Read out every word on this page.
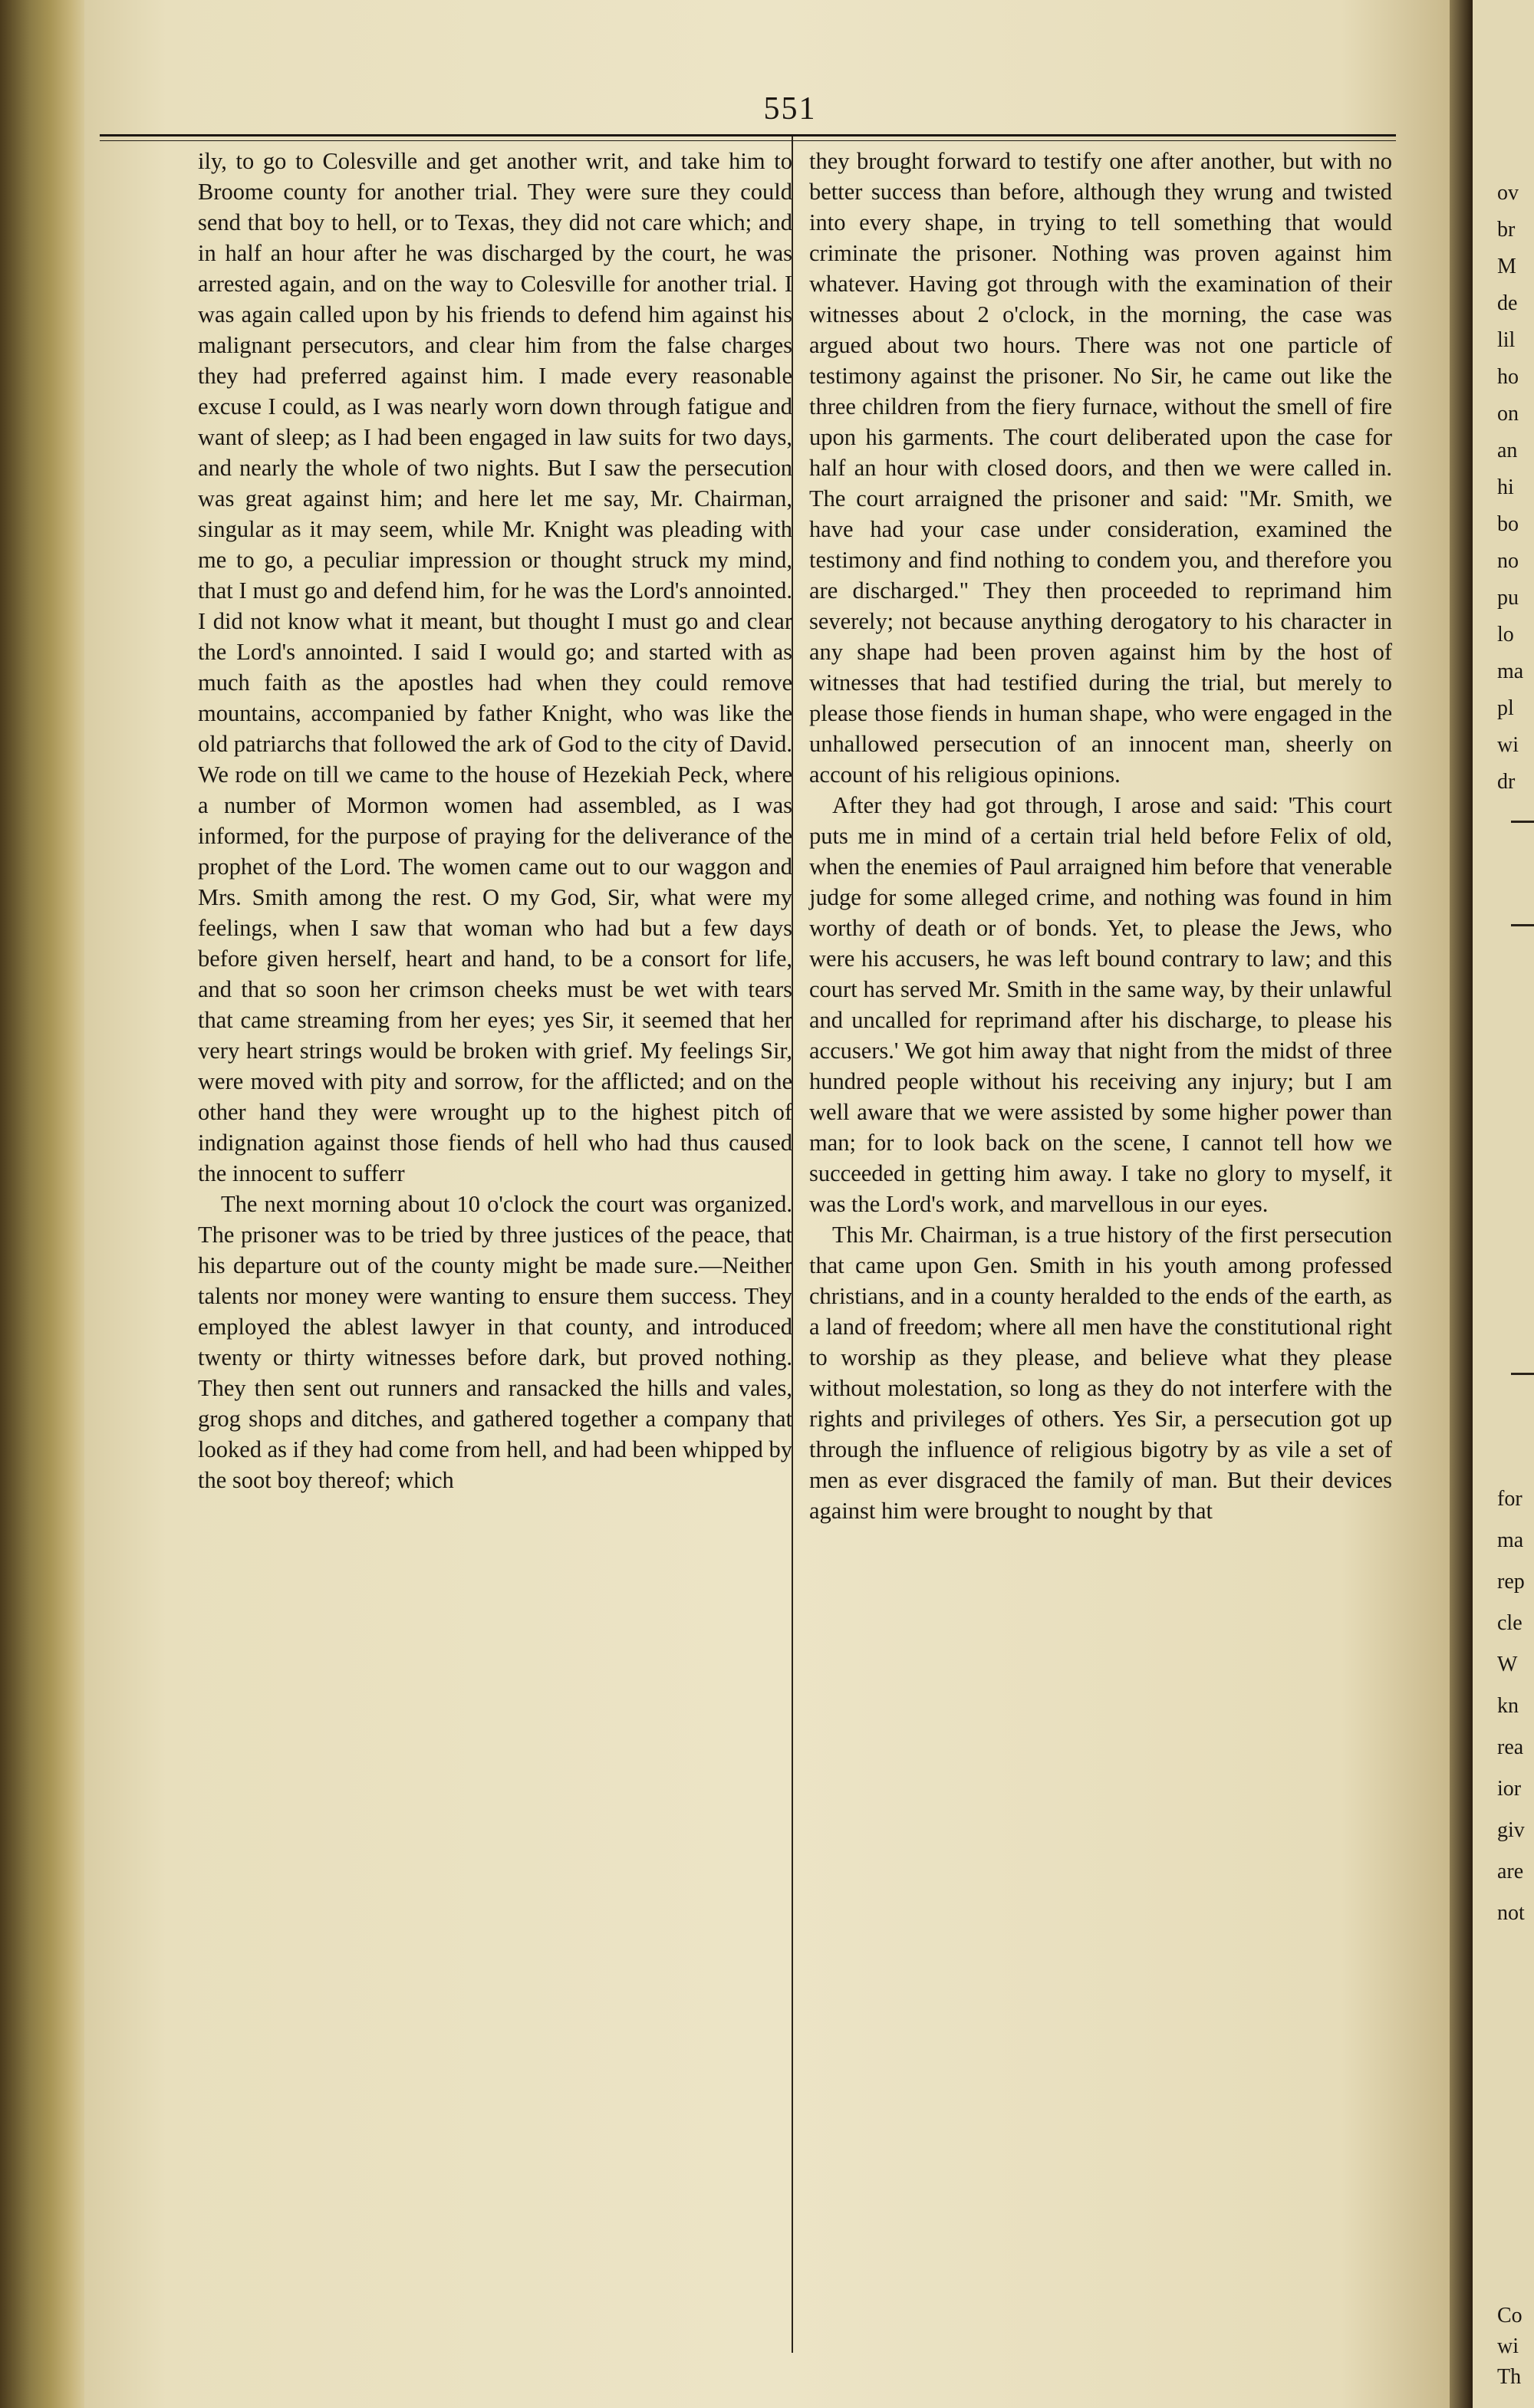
551

ily, to go to Colesville and get another writ, and take him to Broome county for another trial. They were sure they could send that boy to hell, or to Texas, they did not care which; and in half an hour after he was discharged by the court, he was arrested again, and on the way to Colesville for another trial. I was again called upon by his friends to defend him against his malignant persecutors, and clear him from the false charges they had preferred against him. I made every reasonable excuse I could, as I was nearly worn down through fatigue and want of sleep; as I had been engaged in law suits for two days, and nearly the whole of two nights. But I saw the persecution was great against him; and here let me say, Mr. Chairman, singular as it may seem, while Mr. Knight was pleading with me to go, a peculiar impression or thought struck my mind, that I must go and defend him, for he was the Lord's annointed. I did not know what it meant, but thought I must go and clear the Lord's annointed. I said I would go; and started with as much faith as the apostles had when they could remove mountains, accompanied by father Knight, who was like the old patriarchs that followed the ark of God to the city of David. We rode on till we came to the house of Hezekiah Peck, where a number of Mormon women had assembled, as I was informed, for the purpose of praying for the deliverance of the prophet of the Lord. The women came out to our waggon and Mrs. Smith among the rest. O my God, Sir, what were my feelings, when I saw that woman who had but a few days before given herself, heart and hand, to be a consort for life, and that so soon her crimson cheeks must be wet with tears that came streaming from her eyes; yes Sir, it seemed that her very heart strings would be broken with grief. My feelings Sir, were moved with pity and sorrow, for the afflicted; and on the other hand they were wrought up to the highest pitch of indignation against those fiends of hell who had thus caused the innocent to sufferr

The next morning about 10 o'clock the court was organized. The prisoner was to be tried by three justices of the peace, that his departure out of the county might be made sure.—Neither talents nor money were wanting to ensure them success. They employed the ablest lawyer in that county, and introduced twenty or thirty witnesses before dark, but proved nothing. They then sent out runners and ransacked the hills and vales, grog shops and ditches, and gathered together a company that looked as if they had come from hell, and had been whipped by the soot boy thereof; which

they brought forward to testify one after another, but with no better success than before, although they wrung and twisted into every shape, in trying to tell something that would criminate the prisoner. Nothing was proven against him whatever. Having got through with the examination of their witnesses about 2 o'clock, in the morning, the case was argued about two hours. There was not one particle of testimony against the prisoner. No Sir, he came out like the three children from the fiery furnace, without the smell of fire upon his garments. The court deliberated upon the case for half an hour with closed doors, and then we were called in. The court arraigned the prisoner and said: "Mr. Smith, we have had your case under consideration, examined the testimony and find nothing to condem you, and therefore you are discharged." They then proceeded to reprimand him severely; not because anything derogatory to his character in any shape had been proven against him by the host of witnesses that had testified during the trial, but merely to please those fiends in human shape, who were engaged in the unhallowed persecution of an innocent man, sheerly on account of his religious opinions.

After they had got through, I arose and said: 'This court puts me in mind of a certain trial held before Felix of old, when the enemies of Paul arraigned him before that venerable judge for some alleged crime, and nothing was found in him worthy of death or of bonds. Yet, to please the Jews, who were his accusers, he was left bound contrary to law; and this court has served Mr. Smith in the same way, by their unlawful and uncalled for reprimand after his discharge, to please his accusers.' We got him away that night from the midst of three hundred people without his receiving any injury; but I am well aware that we were assisted by some higher power than man; for to look back on the scene, I cannot tell how we succeeded in getting him away. I take no glory to myself, it was the Lord's work, and marvellous in our eyes.

This Mr. Chairman, is a true history of the first persecution that came upon Gen. Smith in his youth among professed christians, and in a county heralded to the ends of the earth, as a land of freedom; where all men have the constitutional right to worship as they please, and believe what they please without molestation, so long as they do not interfere with the rights and privileges of others. Yes Sir, a persecution got up through the influence of religious bigotry by as vile a set of men as ever disgraced the family of man. But their devices against him were brought to nought by that

ov
br
M
de
lil
ho
on
an
hi
bo
no
pu
lo
ma
pl
wi
dr
for
ma
rep
cle
W
kn
rea
ior
giv
are
not
Co
wi
Th
